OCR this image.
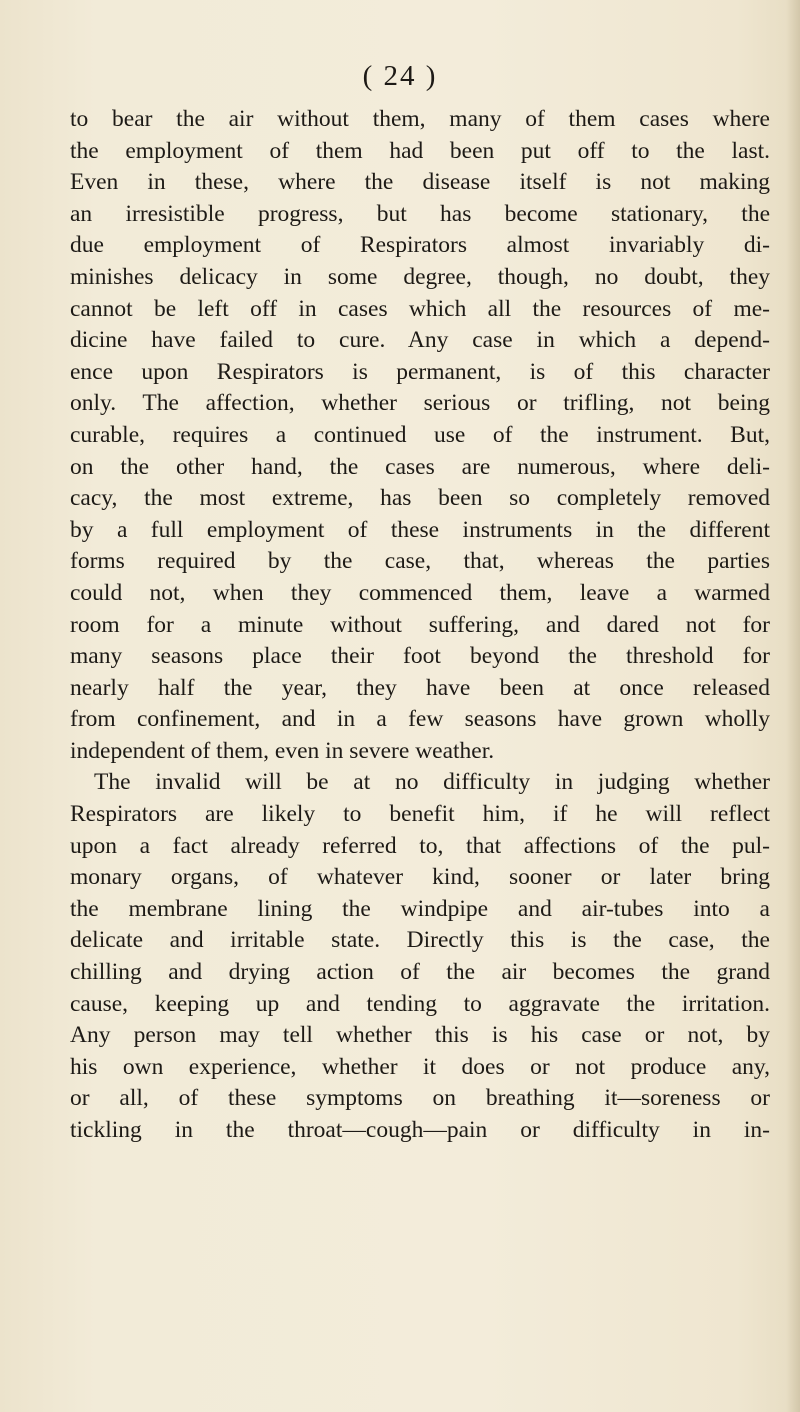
( 24 )
to bear the air without them, many of them cases where
the employment of them had been put off to the last.
Even in these, where the disease itself is not making
an irresistible progress, but has become stationary, the
due employment of Respirators almost invariably di-
minishes delicacy in some degree, though, no doubt, they
cannot be left off in cases which all the resources of me-
dicine have failed to cure. Any case in which a depend-
ence upon Respirators is permanent, is of this character
only. The affection, whether serious or trifling, not being
curable, requires a continued use of the instrument. But,
on the other hand, the cases are numerous, where deli-
cacy, the most extreme, has been so completely removed
by a full employment of these instruments in the different
forms required by the case, that, whereas the parties
could not, when they commenced them, leave a warmed
room for a minute without suffering, and dared not for
many seasons place their foot beyond the threshold for
nearly half the year, they have been at once released
from confinement, and in a few seasons have grown wholly
independent of them, even in severe weather.
The invalid will be at no difficulty in judging whether
Respirators are likely to benefit him, if he will reflect
upon a fact already referred to, that affections of the pul-
monary organs, of whatever kind, sooner or later bring
the membrane lining the windpipe and air-tubes into a
delicate and irritable state. Directly this is the case, the
chilling and drying action of the air becomes the grand
cause, keeping up and tending to aggravate the irritation.
Any person may tell whether this is his case or not, by
his own experience, whether it does or not produce any,
or all, of these symptoms on breathing it—soreness or
tickling in the throat—cough—pain or difficulty in in-
